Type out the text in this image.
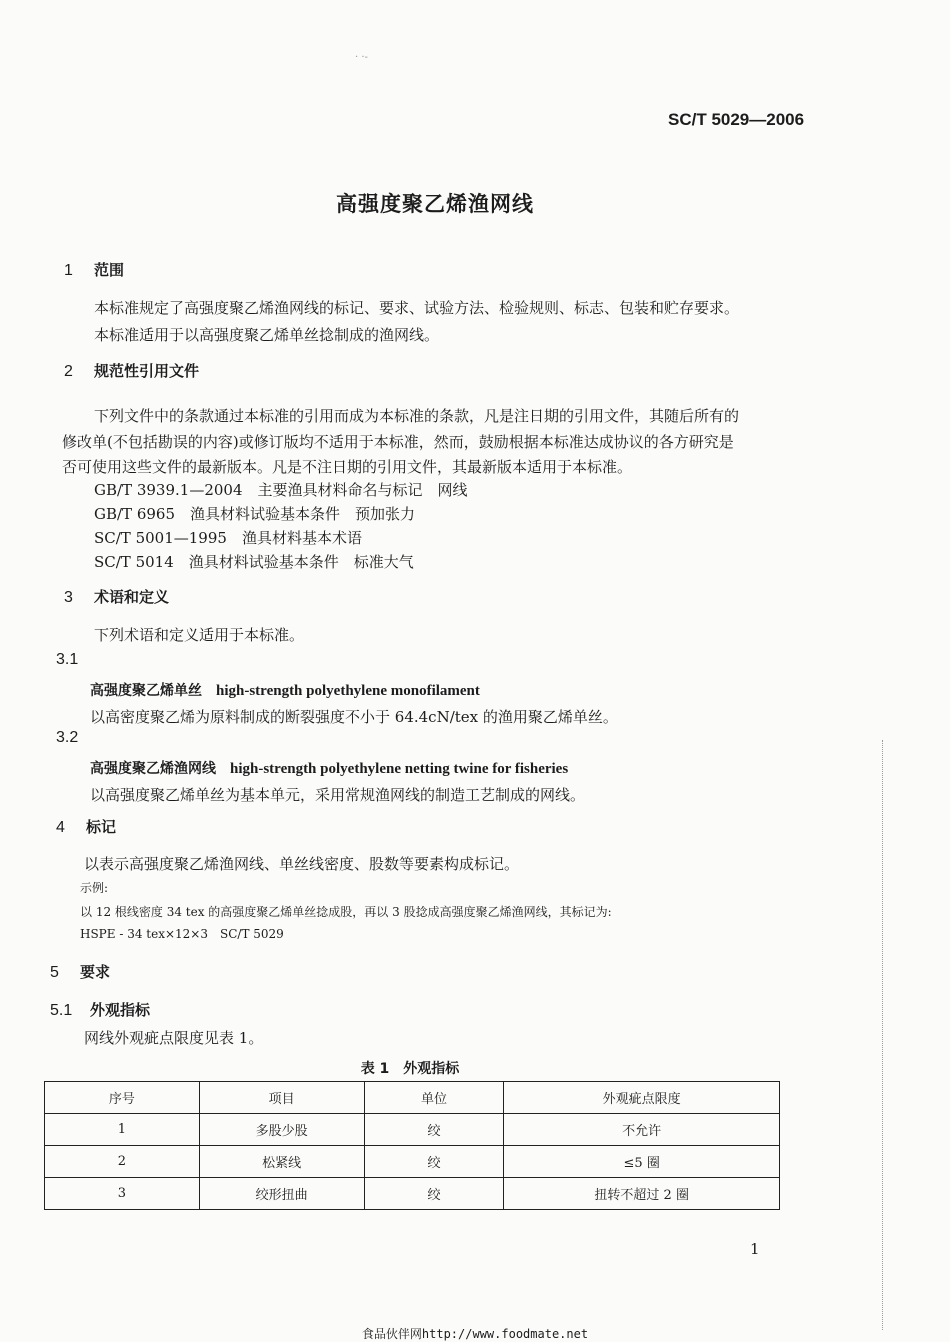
· ·-
SC/T 5029—2006
高强度聚乙烯渔网线
1 范围
本标准规定了高强度聚乙烯渔网线的标记、要求、试验方法、检验规则、标志、包装和贮存要求。
本标准适用于以高强度聚乙烯单丝捻制成的渔网线。
2 规范性引用文件
下列文件中的条款通过本标准的引用而成为本标准的条款，凡是注日期的引用文件，其随后所有的
修改单(不包括勘误的内容)或修订版均不适用于本标准，然而，鼓励根据本标准达成协议的各方研究是
否可使用这些文件的最新版本。凡是不注日期的引用文件，其最新版本适用于本标准。
GB/T 3939.1—2004　 主要渔具材料命名与标记　网线
GB/T 6965　 渔具材料试验基本条件　预加张力
SC/T 5001—1995　 渔具材料基本术语
SC/T 5014　 渔具材料试验基本条件　标准大气
3 术语和定义
下列术语和定义适用于本标准。
3.1
高强度聚乙烯单丝 high-strength polyethylene monofilament
以高密度聚乙烯为原料制成的断裂强度不小于 64.4cN/tex 的渔用聚乙烯单丝。
3.2
高强度聚乙烯渔网线 high-strength polyethylene netting twine for fisheries
以高强度聚乙烯单丝为基本单元，采用常规渔网线的制造工艺制成的网线。
4 标记
以表示高强度聚乙烯渔网线、单丝线密度、股数等要素构成标记。
示例:
以 12 根线密度 34 tex 的高强度聚乙烯单丝捻成股，再以 3 股捻成高强度聚乙烯渔网线，其标记为:
HSPE - 34 tex×12×3　SC/T 5029
5 要求
5.1 外观指标
网线外观疵点限度见表 1。
表 1　外观指标
序号	项目	单位	外观疵点限度
1	多股少股	绞	不允许
2	松紧线	绞	≤5 圈
3	绞形扭曲	绞	扭转不超过 2 圈
1
食品伙伴网http://www.foodmate.net
